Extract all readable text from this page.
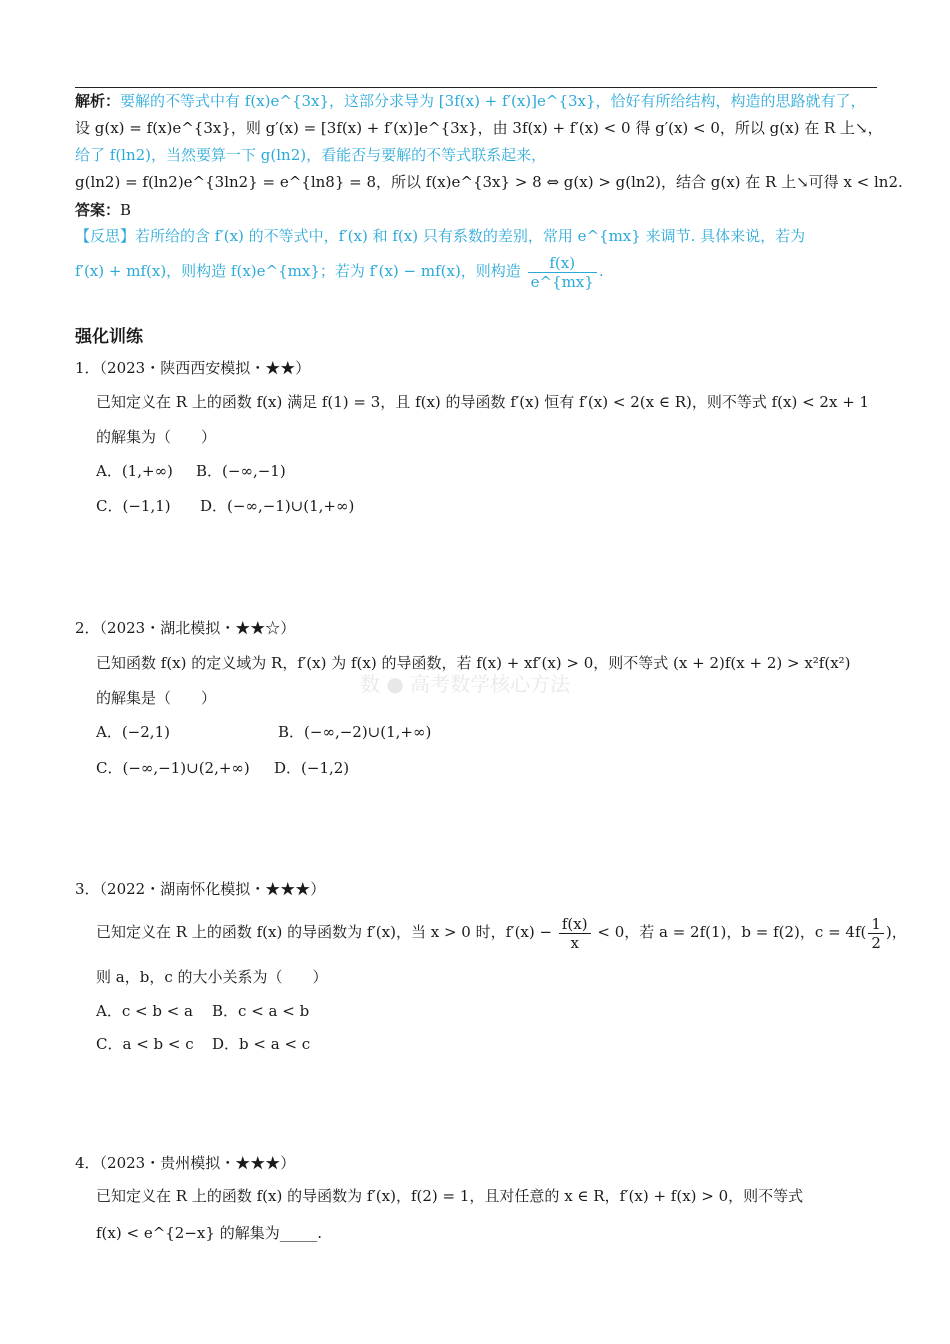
解析：要解的不等式中有 f(x)e^{3x}，这部分求导为 [3f(x) + f′(x)]e^{3x}，恰好有所给结构，构造的思路就有了，
设 g(x) = f(x)e^{3x}，则 g′(x) = [3f(x) + f′(x)]e^{3x}，由 3f(x) + f′(x) < 0 得 g′(x) < 0，所以 g(x) 在 R 上↘，
给了 f(ln2)，当然要算一下 g(ln2)，看能否与要解的不等式联系起来，
g(ln2) = f(ln2)e^{3ln2} = e^{ln8} = 8，所以 f(x)e^{3x} > 8 ⇔ g(x) > g(ln2)，结合 g(x) 在 R 上↘可得 x < ln2.
答案：B
【反思】若所给的含 f′(x) 的不等式中，f′(x) 和 f(x) 只有系数的差别，常用 e^{mx} 来调节. 具体来说，若为
f′(x) + mf(x)，则构造 f(x)e^{mx}；若为 f′(x) − mf(x)，则构造 $\frac{f(x)}{e\^{}\{mx\}}$ .
强化训练
1．（2023・陕西西安模拟・★★）
已知定义在 R 上的函数 f(x) 满足 f(1) = 3，且 f(x) 的导函数 f′(x) 恒有 f′(x) < 2(x ∈ R)，则不等式 f(x) < 2x + 1
的解集为（　　）
A．(1,+∞) B．(−∞,−1)
C．(−1,1) D．(−∞,−1)∪(1,+∞)
2．（2023・湖北模拟・★★☆）
已知函数 f(x) 的定义域为 R，f′(x) 为 f(x) 的导函数，若 f(x) + xf′(x) > 0，则不等式 (x + 2)f(x + 2) > x²f(x²)
的解集是（　　）
A．(−2,1)	B．(−∞,−2)∪(1,+∞)
C．(−∞,−1)∪(2,+∞) D．(−1,2)
数 ● 高考数学核心方法
3．（2022・湖南怀化模拟・★★★）
已知定义在 R 上的函数 f(x) 的导函数为 f′(x)，当 x > 0 时，$f'(x) - \frac{f(x)}{x} < 0$，若 a = 2f(1)，b = f(2)，$c = 4f( \frac{1}{2}$ )，
则 a，b，c 的大小关系为（　　）
A．c < b < a B．c < a < b
C．a < b < c D．b < a < c
4．（2023・贵州模拟・★★★）
已知定义在 R 上的函数 f(x) 的导函数为 f′(x)，f(2) = 1，且对任意的 x ∈ R，f′(x) + f(x) > 0，则不等式
f(x) < e^{2−x} 的解集为_____.
